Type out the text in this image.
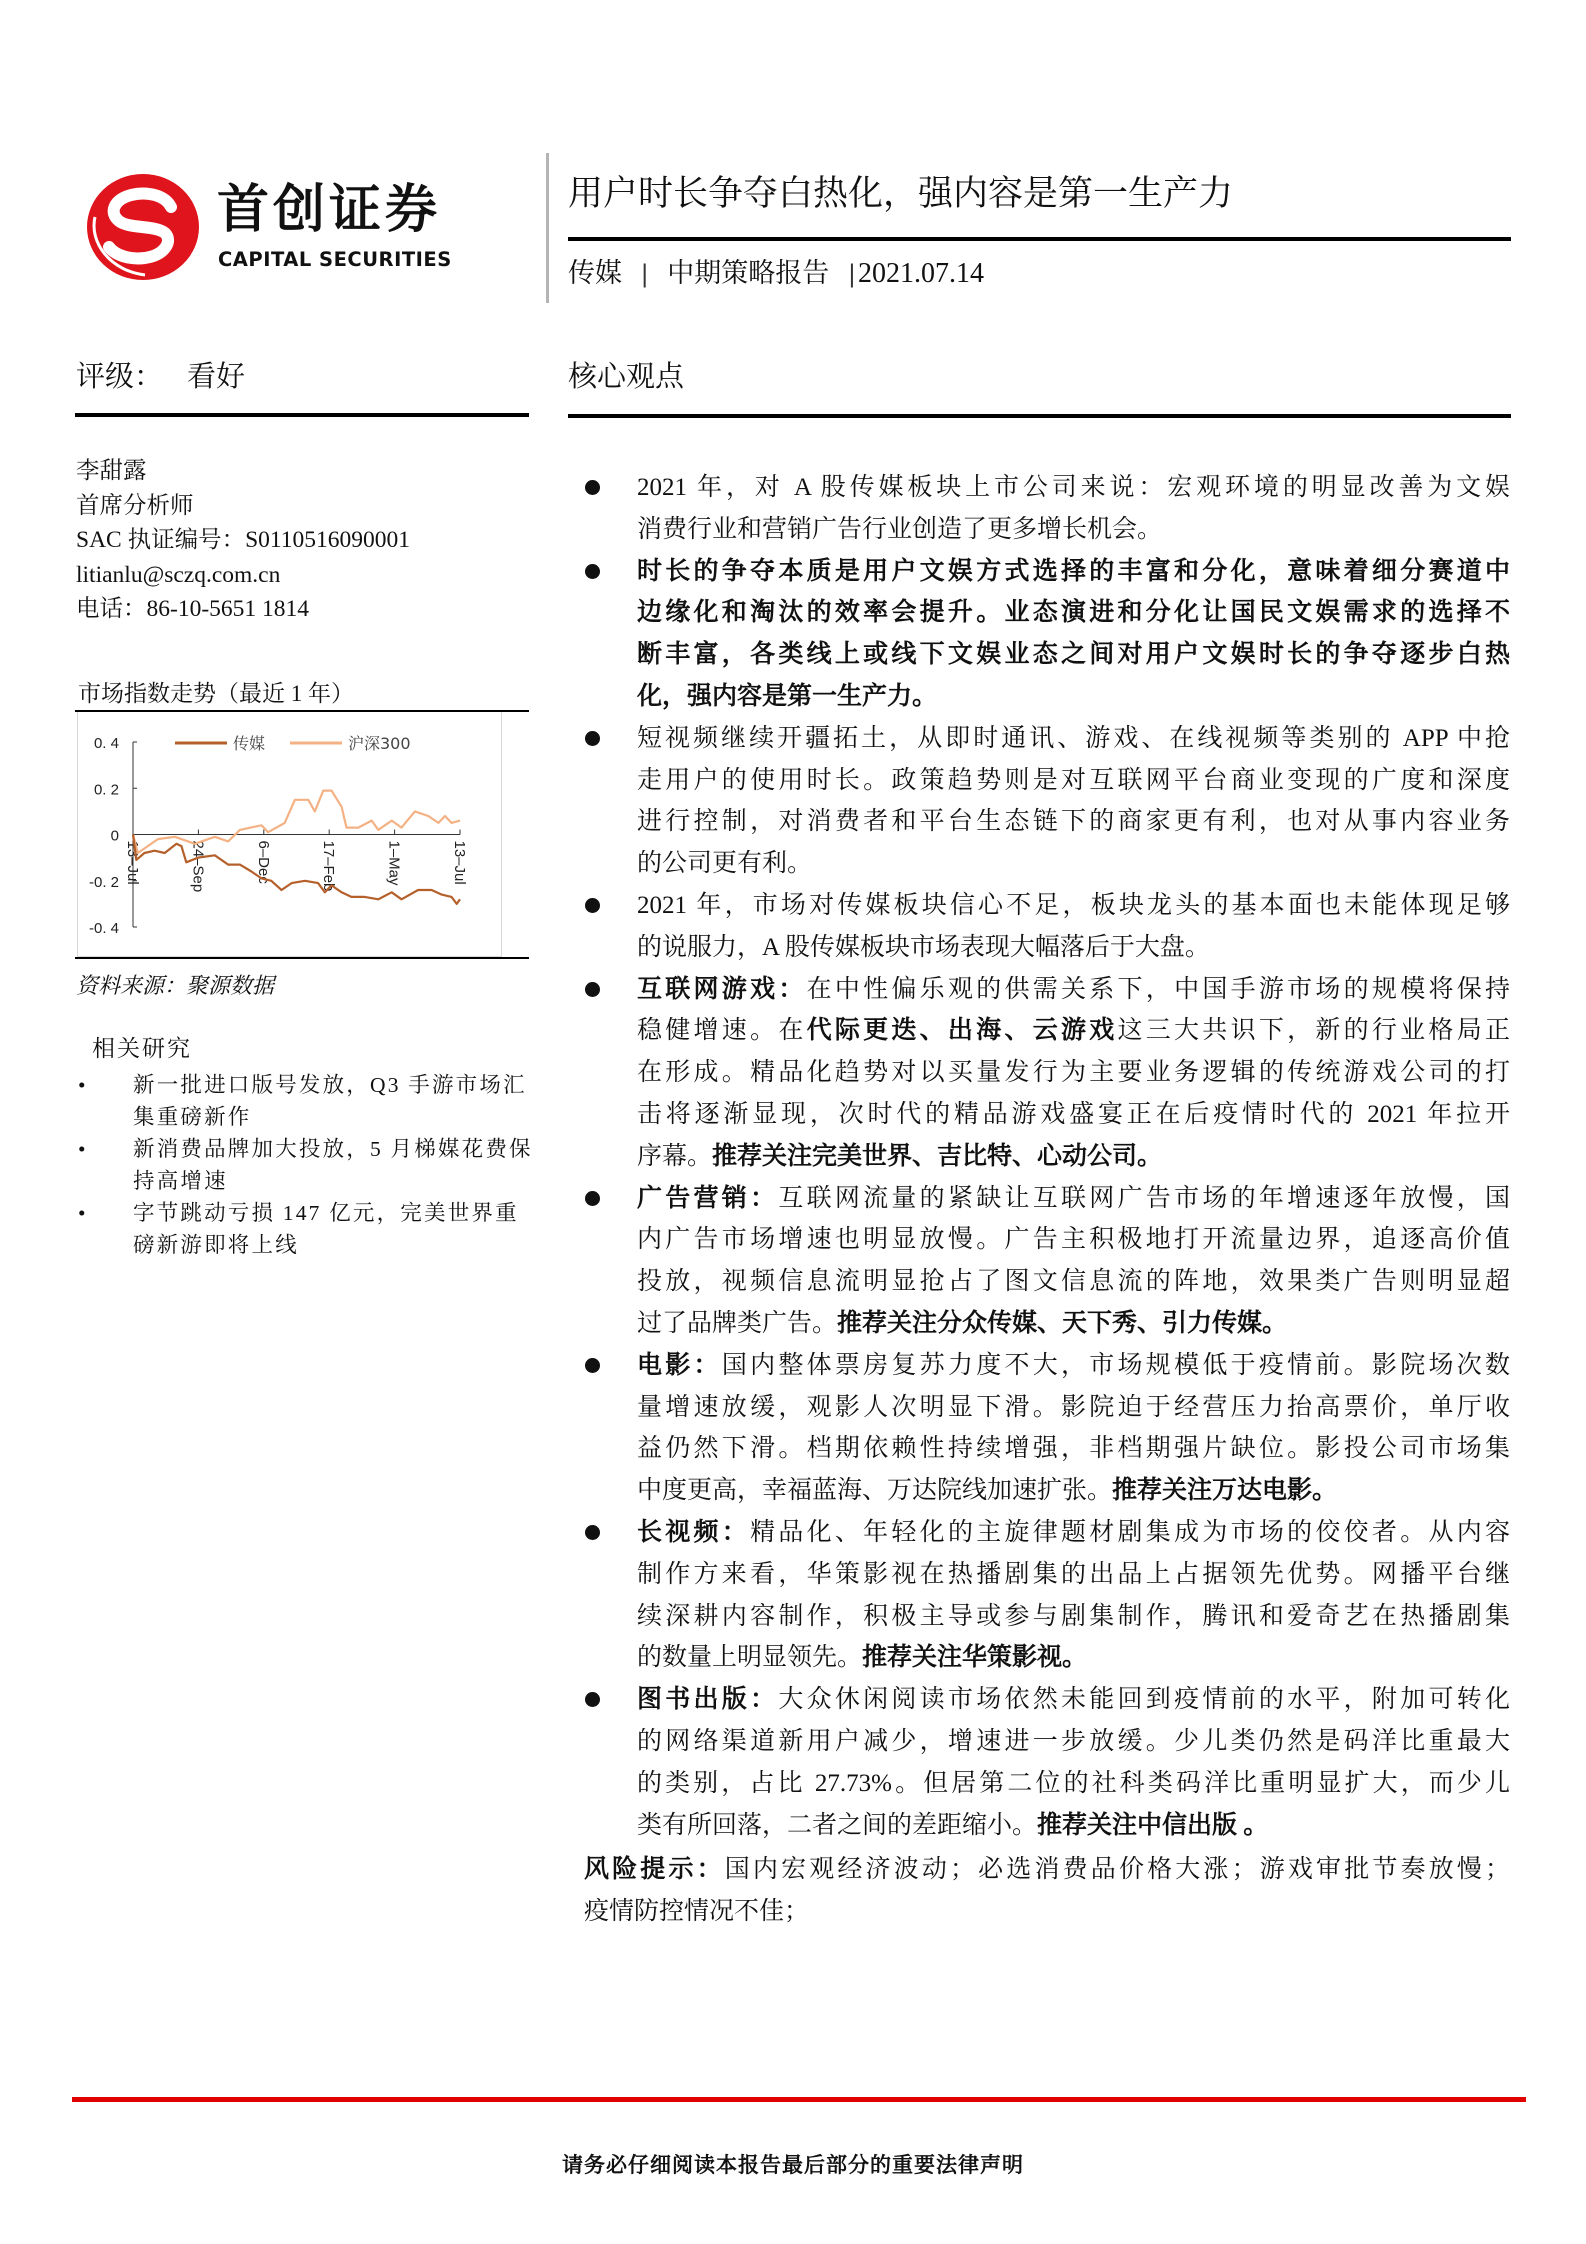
首创证券
CAPITAL SECURITIES
用户时长争夺白热化，强内容是第一生产力
传媒 | 中期策略报告 |2021.07.14
评级： 看好	核心观点
李甜露
首席分析师
SAC 执证编号：S0110516090001
litianlu@sczq.com.cn
电话：86-10-5651 1814
市场指数走势（最近 1 年）
0. 4
0. 2
0
-0. 2
-0. 4
13–Jul	24–Sep	6–Dec	17–Feb	1–May	13–Jul
传媒	沪深300
资料来源：聚源数据
相关研究
• 新一批进口版号发放，Q3 手游市场汇
集重磅新作
• 新消费品牌加大投放，5 月梯媒花费保
持高增速
• 字节跳动亏损 147 亿元，完美世界重
磅新游即将上线
2021 年，对 A 股传媒板块上市公司来说：宏观环境的明显改善为文娱
消费行业和营销广告行业创造了更多增长机会。
时长的争夺本质是用户文娱方式选择的丰富和分化，意味着细分赛道中
边缘化和淘汰的效率会提升。业态演进和分化让国民文娱需求的选择不
断丰富，各类线上或线下文娱业态之间对用户文娱时长的争夺逐步白热
化，强内容是第一生产力。
短视频继续开疆拓土，从即时通讯、游戏、在线视频等类别的 APP 中抢
走用户的使用时长。政策趋势则是对互联网平台商业变现的广度和深度
进行控制，对消费者和平台生态链下的商家更有利，也对从事内容业务
的公司更有利。
2021 年，市场对传媒板块信心不足，板块龙头的基本面也未能体现足够
的说服力，A 股传媒板块市场表现大幅落后于大盘。
互联网游戏：在中性偏乐观的供需关系下，中国手游市场的规模将保持
稳健增速。在代际更迭、出海、云游戏这三大共识下，新的行业格局正
在形成。精品化趋势对以买量发行为主要业务逻辑的传统游戏公司的打
击将逐渐显现，次时代的精品游戏盛宴正在后疫情时代的 2021 年拉开
序幕。推荐关注完美世界、吉比特、心动公司。
广告营销：互联网流量的紧缺让互联网广告市场的年增速逐年放慢，国
内广告市场增速也明显放慢。广告主积极地打开流量边界，追逐高价值
投放，视频信息流明显抢占了图文信息流的阵地，效果类广告则明显超
过了品牌类广告。推荐关注分众传媒、天下秀、引力传媒。
电影：国内整体票房复苏力度不大，市场规模低于疫情前。影院场次数
量增速放缓，观影人次明显下滑。影院迫于经营压力抬高票价，单厅收
益仍然下滑。档期依赖性持续增强，非档期强片缺位。影投公司市场集
中度更高，幸福蓝海、万达院线加速扩张。推荐关注万达电影。
长视频：精品化、年轻化的主旋律题材剧集成为市场的佼佼者。从内容
制作方来看，华策影视在热播剧集的出品上占据领先优势。网播平台继
续深耕内容制作，积极主导或参与剧集制作，腾讯和爱奇艺在热播剧集
的数量上明显领先。推荐关注华策影视。
图书出版：大众休闲阅读市场依然未能回到疫情前的水平，附加可转化
的网络渠道新用户减少，增速进一步放缓。少儿类仍然是码洋比重最大
的类别，占比 27.73%。但居第二位的社科类码洋比重明显扩大，而少儿
类有所回落，二者之间的差距缩小。推荐关注中信出版 。
风险提示：国内宏观经济波动；必选消费品价格大涨；游戏审批节奏放慢；
疫情防控情况不佳；
请务必仔细阅读本报告最后部分的重要法律声明
